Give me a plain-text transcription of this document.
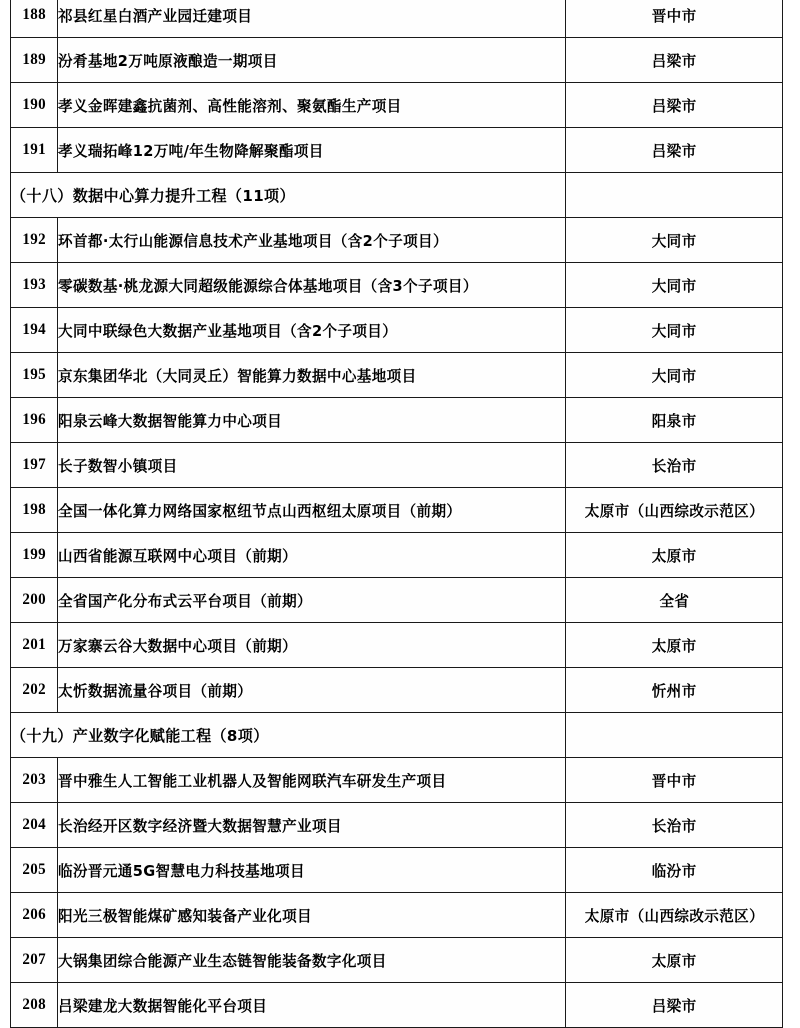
188	祁县红星白酒产业园迁建项目	晋中市
189	汾肴基地2万吨原液酿造一期项目	吕梁市
190	孝义金晖建鑫抗菌剂、高性能溶剂、聚氨酯生产项目	吕梁市
191	孝义瑞拓峰12万吨/年生物降解聚酯项目	吕梁市
（十八）数据中心算力提升工程（11项）		
192	环首都·太行山能源信息技术产业基地项目（含2个子项目）	大同市
193	零碳数基·桃龙源大同超级能源综合体基地项目（含3个子项目）	大同市
194	大同中联绿色大数据产业基地项目（含2个子项目）	大同市
195	京东集团华北（大同灵丘）智能算力数据中心基地项目	大同市
196	阳泉云峰大数据智能算力中心项目	阳泉市
197	长子数智小镇项目	长治市
198	全国一体化算力网络国家枢纽节点山西枢纽太原项目（前期）	太原市（山西综改示范区）
199	山西省能源互联网中心项目（前期）	太原市
200	全省国产化分布式云平台项目（前期）	全省
201	万家寨云谷大数据中心项目（前期）	太原市
202	太忻数据流量谷项目（前期）	忻州市
（十九）产业数字化赋能工程（8项）		
203	晋中雅生人工智能工业机器人及智能网联汽车研发生产项目	晋中市
204	长治经开区数字经济暨大数据智慧产业项目	长治市
205	临汾晋元通5G智慧电力科技基地项目	临汾市
206	阳光三极智能煤矿感知装备产业化项目	太原市（山西综改示范区）
207	大锅集团综合能源产业生态链智能装备数字化项目	太原市
208	吕梁建龙大数据智能化平台项目	吕梁市
